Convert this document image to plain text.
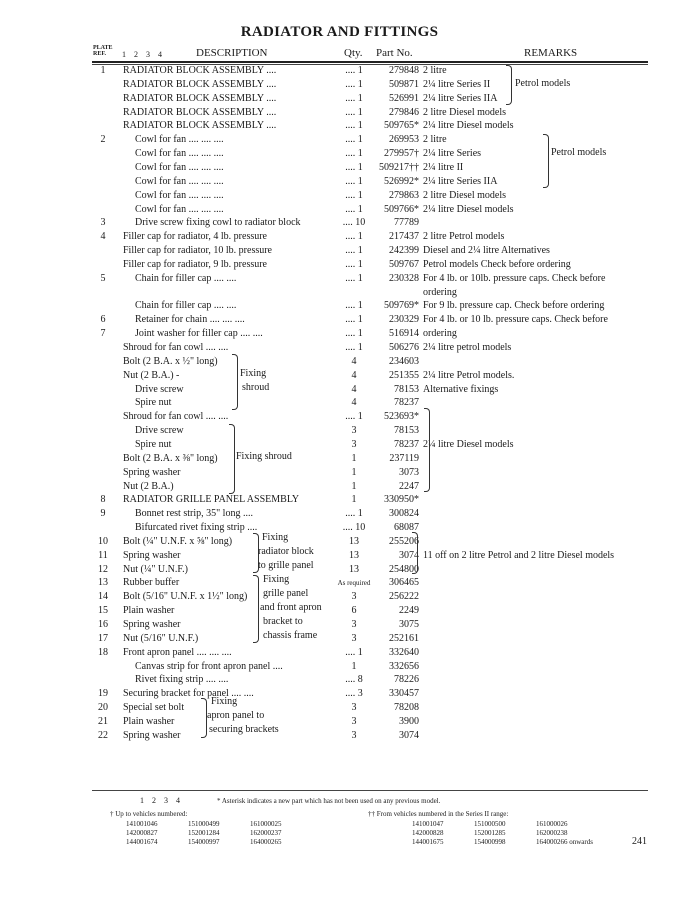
RADIATOR AND FITTINGS
PLATE
REF.	1 2 3 4	DESCRIPTION	Qty. Part No.	REMARKS
1	RADIATOR BLOCK ASSEMBLY ....	.... 1	279848 2 litre
RADIATOR BLOCK ASSEMBLY ....	.... 1	509871 2¼ litre Series II
RADIATOR BLOCK ASSEMBLY ....	.... 1	526991 2¼ litre Series IIA
RADIATOR BLOCK ASSEMBLY ....	.... 1	279846 2 litre Diesel models
RADIATOR BLOCK ASSEMBLY ....	.... 1	509765* 2¼ litre Diesel models
2	Cowl for fan .... .... ....	.... 1	269953 2 litre
Cowl for fan .... .... ....	.... 1	279957† 2¼ litre Series
Cowl for fan .... .... ....	.... 1	509217†† 2¼ litre II
Cowl for fan .... .... ....	.... 1	526992* 2¼ litre Series IIA
Cowl for fan .... .... ....	.... 1	279863 2 litre Diesel models
Cowl for fan .... .... ....	.... 1	509766* 2¼ litre Diesel models
3	Drive screw fixing cowl to radiator block	.... 10	77789
4	Filler cap for radiator, 4 lb. pressure	.... 1	217437 2 litre Petrol models
Filler cap for radiator, 10 lb. pressure	.... 1	242399 Diesel and 2¼ litre Alternatives
Filler cap for radiator, 9 lb. pressure	.... 1	509767 Petrol models Check before ordering
5	Chain for filler cap .... ....	.... 1	230328 For 4 lb. or 10lb. pressure caps. Check before
ordering
Chain for filler cap .... ....	.... 1	509769* For 9 lb. pressure cap. Check before ordering
6	Retainer for chain .... .... ....	.... 1	230329 For 4 lb. or 10 lb. pressure caps. Check before
7	Joint washer for filler cap .... ....	.... 1	516914 ordering
Shroud for fan cowl .... ....	.... 1	506276 2¼ litre petrol models
Bolt (2 B.A. x ½" long)	4	234603
Nut (2 B.A.) -	4	251355 2¼ litre Petrol models.
Drive screw	4	78153 Alternative fixings
Spire nut	4	78237
Shroud for fan cowl .... ....	.... 1	523693*
Drive screw	3	78153
Spire nut	3	78237 2¼ litre Diesel models
Bolt (2 B.A. x ⅜" long)	1	237119
Spring washer	1	3073
Nut (2 B.A.)	1	2247
8	RADIATOR GRILLE PANEL ASSEMBLY	1	330950*
9	Bonnet rest strip, 35" long ....	.... 1	300824
Bifurcated rivet fixing strip ....	.... 10	68087
10	Bolt (¼" U.N.F. x ⅝" long)	13	255206
11	Spring washer	13	3074 11 off on 2 litre Petrol and 2 litre Diesel models
12	Nut (¼" U.N.F.)	13	254800
13	Rubber buffer	As required	306465
14	Bolt (5/16" U.N.F. x 1½" long)	3	256222
15	Plain washer	6	2249
16	Spring washer	3	3075
17	Nut (5/16" U.N.F.)	3	252161
18	Front apron panel .... .... ....	.... 1	332640
Canvas strip for front apron panel ....	1	332656
Rivet fixing strip .... ....	.... 8	78226
19	Securing bracket for panel .... ....	.... 3	330457
20	Special set bolt	3	78208
21	Plain washer	3	3900
22	Spring washer	3	3074
Petrol models
Petrol models
Fixing
shroud
Fixing shroud
Fixing
radiator block
to grille panel
Fixing
grille panel
and front apron
bracket to
chassis frame
Fixing
apron panel to
securing brackets
1 2 3 4	* Asterisk indicates a new part which has not been used on any previous model.
† Up to vehicles numbered:	†† From vehicles numbered in the Series II range:
141001046	151000499	161000025
142000827	152001284	162000237
144001674	154000997	164000265
141001047	151000500	161000026
142000828	152001285	162000238
144001675	154000998	164000266 onwards	241
